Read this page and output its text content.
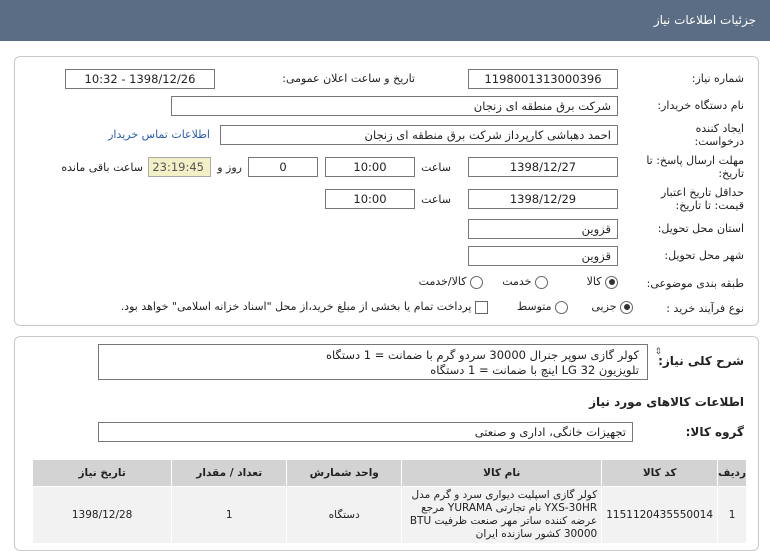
جزئیات اطلاعات نیاز
شماره نیاز:
1198001313000396
تاریخ و ساعت اعلان عمومی:
1398/12/26 - 10:32
نام دستگاه خریدار:
شرکت برق منطقه ای زنجان
ایجاد کننده درخواست:
احمد دهباشی کارپرداز شرکت برق منطقه ای زنجان
اطلاعات تماس خریدار
مهلت ارسال پاسخ: تا تاریخ:
1398/12/27
ساعت
10:00
0
روز و
23:19:45
ساعت باقی مانده
حداقل تاریخ اعتبار قیمت: تا تاریخ:
1398/12/29
ساعت
10:00
استان محل تحویل:
قزوین
شهر محل تحویل:
قزوین
طبقه بندی موضوعی:
کالا
خدمت
کالا/خدمت
نوع فرآیند خرید :
جزیی
متوسط
پرداخت تمام یا بخشی از مبلغ خرید،از محل "اسناد خزانه اسلامی" خواهد بود.
شرح کلی نیاز:
کولر گازی سوپر جنرال 30000 سردو گرم با ضمانت = 1 دستگاه
تلویزیون LG 32 اینچ با ضمانت = 1 دستگاه
⇕
اطلاعات کالاهای مورد نیاز
گروه کالا:
تجهیزات خانگی، اداری و صنعتی
ردیف	کد کالا	نام کالا	واحد شمارش	تعداد / مقدار	تاریخ نیاز
1	1151120435550014	کولر گازی اسپلیت دیواری سرد و گرم مدل YXS-30HR نام تجارتی YURAMA مرجع عرضه کننده ساتر مهر صنعت ظرفیت BTU 30000 کشور سازنده ایران	دستگاه	1	1398/12/28
